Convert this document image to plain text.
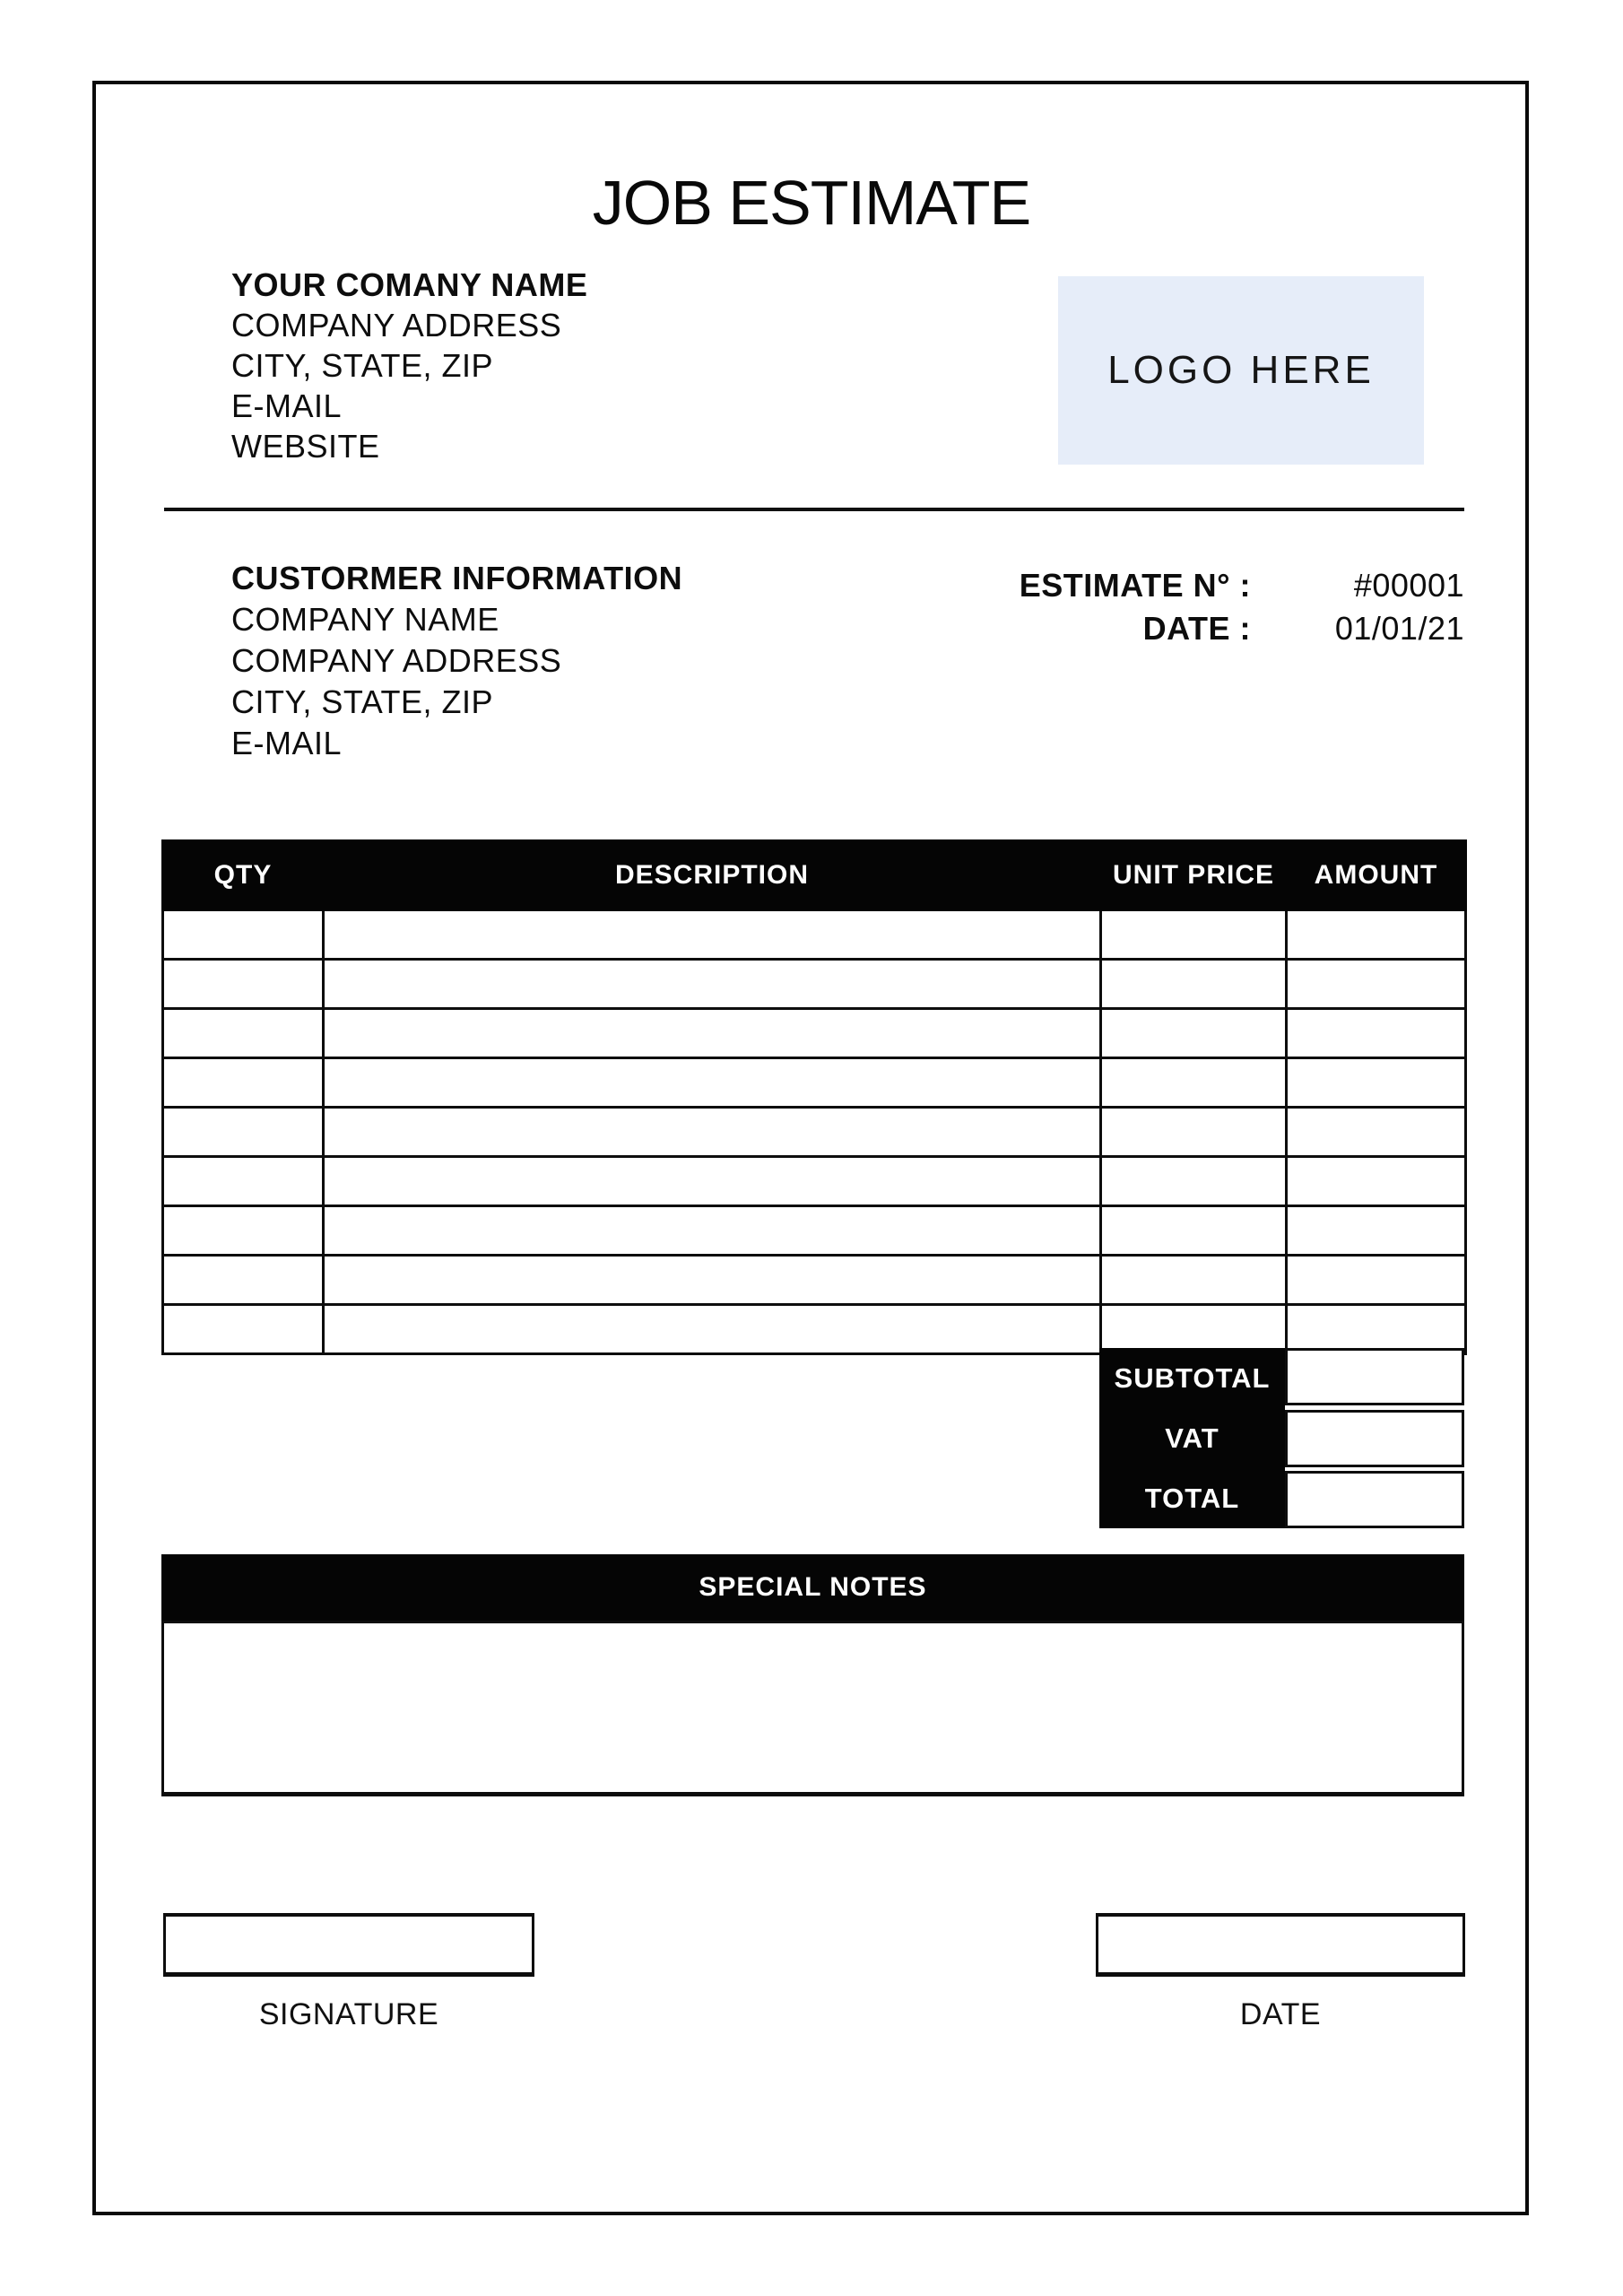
JOB ESTIMATE
YOUR COMANY NAME
COMPANY ADDRESS
CITY, STATE, ZIP
E-MAIL
WEBSITE
LOGO HERE
CUSTORMER INFORMATION
COMPANY NAME
COMPANY ADDRESS
CITY, STATE, ZIP
E-MAIL
ESTIMATE N° :	#00001
DATE :	01/01/21
QTY	DESCRIPTION	UNIT PRICE	AMOUNT

SUBTOTAL
VAT
TOTAL
SPECIAL NOTES
SIGNATURE	DATE
